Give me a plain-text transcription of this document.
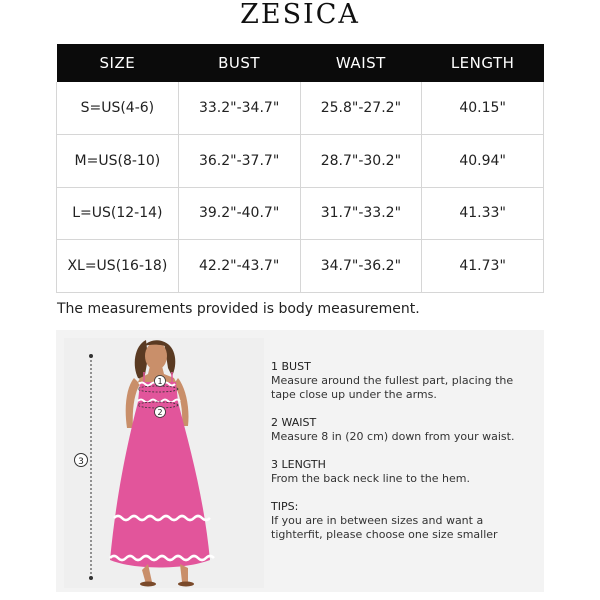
ZESICA
SIZE	BUST	WAIST	LENGTH
S=US(4-6)	33.2"-34.7"	25.8"-27.2"	40.15"
M=US(8-10)	36.2"-37.7"	28.7"-30.2"	40.94"
L=US(12-14)	39.2"-40.7"	31.7"-33.2"	41.33"
XL=US(16-18)	42.2"-43.7"	34.7"-36.2"	41.73"
The measurements provided is body measurement.
3
1
2
1 BUST
Measure around the fullest part, placing the tape close up under the arms.
2 WAIST
Measure 8 in (20 cm) down from your waist.
3 LENGTH
From the back neck line to the hem.
TIPS:
If you are in between sizes and want a tighterfit, please choose one size smaller
